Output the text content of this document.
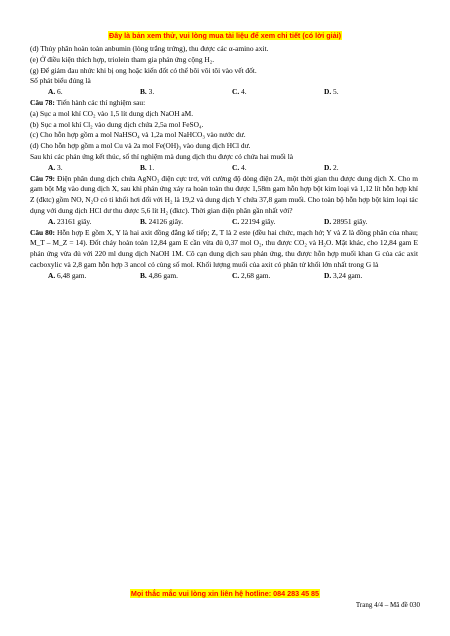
Đây là bản xem thử, vui lòng mua tài liệu để xem chi tiết (có lời giải)
(d) Thủy phân hoàn toàn anbumin (lòng trắng trứng), thu được các α-amino axit.
(e) Ở điều kiện thích hợp, triolein tham gia phản ứng cộng H₂.
(g) Để giảm đau nhức khi bị ong hoặc kiến đốt có thể bôi vôi tôi vào vết đốt.
Số phát biểu đúng là
A. 6.	B. 3.	C. 4.	D. 5.
Câu 78: Tiến hành các thí nghiệm sau:
(a) Sục a mol khí CO₂ vào 1,5 lít dung dịch NaOH aM.
(b) Sục a mol khí Cl₂ vào dung dịch chứa 2,5a mol FeSO₄.
(c) Cho hỗn hợp gồm a mol NaHSO₄ và 1,2a mol NaHCO₃ vào nước dư.
(d) Cho hỗn hợp gồm a mol Cu và 2a mol Fe(OH)₃ vào dung dịch HCl dư.
Sau khi các phản ứng kết thúc, số thí nghiệm mà dung dịch thu được có chứa hai muối là
A. 3.	B. 1.	C. 4.	D. 2.
Câu 79: Điện phân dung dịch chứa AgNO₃ điện cực trơ, với cường độ dòng điện 2A, một thời gian thu được dung dịch X. Cho m gam bột Mg vào dung dịch X, sau khi phản ứng xảy ra hoàn toàn thu được 1,58m gam hỗn hợp bột kim loại và 1,12 lít hỗn hợp khí Z (đktc) gồm NO, N₂O có tỉ khối hơi đối với H₂ là 19,2 và dung dịch Y chứa 37,8 gam muối. Cho toàn bộ hỗn hợp bột kim loại tác dụng với dung dịch HCl dư thu được 5,6 lít H₂ (đktc). Thời gian điện phân gần nhất với?
A. 23161 giây.	B. 24126 giây.	C. 22194 giây.	D. 28951 giây.
Câu 80: Hỗn hợp E gồm X, Y là hai axit đồng đẳng kế tiếp; Z, T là 2 este (đều hai chức, mạch hở; Y và Z là đồng phân của nhau; M_T – M_Z = 14). Đốt cháy hoàn toàn 12,84 gam E cần vừa đủ 0,37 mol O₂, thu được CO₂ và H₂O. Mặt khác, cho 12,84 gam E phản ứng vừa đủ với 220 ml dung dịch NaOH 1M. Cô cạn dung dịch sau phản ứng, thu được hỗn hợp muối khan G của các axit cacboxylic và 2,8 gam hỗn hợp 3 ancol có cùng số mol. Khối lượng muối của axit có phân tử khối lớn nhất trong G là
A. 6,48 gam.	B. 4,86 gam.	C. 2,68 gam.	D. 3,24 gam.
Mọi thắc mắc vui lòng xin liên hệ hotline: 084 283 45 85
Trang 4/4 – Mã đề 030
